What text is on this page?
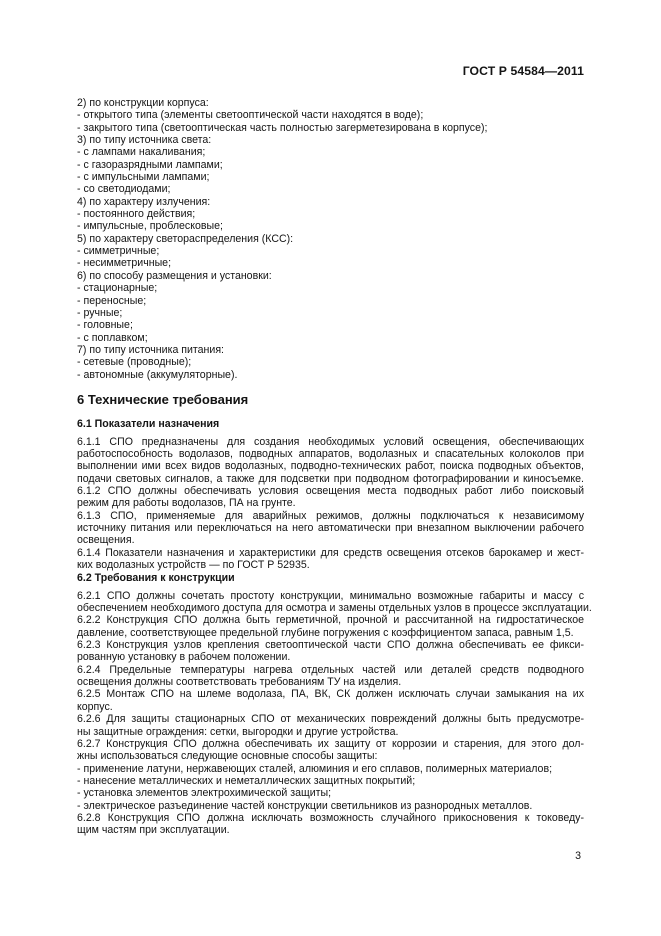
ГОСТ Р 54584—2011
2) по конструкции корпуса:
- открытого типа (элементы светооптической части находятся в воде);
- закрытого типа (светооптическая часть полностью загерметезирована в корпусе);
3) по типу источника света:
- с лампами накаливания;
- с газоразрядными лампами;
- с импульсными лампами;
- со светодиодами;
4) по характеру излучения:
- постоянного действия;
- импульсные, проблесковые;
5) по характеру светораспределения (КСС):
- симметричные;
- несимметричные;
6) по способу размещения и установки:
- стационарные;
- переносные;
- ручные;
- головные;
- с поплавком;
7) по типу источника питания:
- сетевые (проводные);
- автономные (аккумуляторные).
6 Технические требования
6.1 Показатели назначения
6.1.1 СПО предназначены для создания необходимых условий освещения, обеспечивающих
работоспособность водолазов, подводных аппаратов, водолазных и спасательных колоколов при
выполнении ими всех видов водолазных, подводно-технических работ, поиска подводных объектов,
подачи световых сигналов, а также для подсветки при подводном фотографировании и киносъемке.
6.1.2 СПО должны обеспечивать условия освещения места подводных работ либо поисковый
режим для работы водолазов, ПА на грунте.
6.1.3 СПО, применяемые для аварийных режимов, должны подключаться к независимому
источнику питания или переключаться на него автоматически при внезапном выключении рабочего
освещения.
6.1.4 Показатели назначения и характеристики для средств освещения отсеков барокамер и жест-
ких водолазных устройств — по ГОСТ Р 52935.
6.2 Требования к конструкции
6.2.1 СПО должны сочетать простоту конструкции, минимально возможные габариты и массу с
обеспечением необходимого доступа для осмотра и замены отдельных узлов в процессе эксплуатации.
6.2.2 Конструкция СПО должна быть герметичной, прочной и рассчитанной на гидростатическое
давление, соответствующее предельной глубине погружения с коэффициентом запаса, равным 1,5.
6.2.3 Конструкция узлов крепления светооптической части СПО должна обеспечивать ее фикси-
рованную установку в рабочем положении.
6.2.4 Предельные температуры нагрева отдельных частей или деталей средств подводного
освещения должны соответствовать требованиям ТУ на изделия.
6.2.5 Монтаж СПО на шлеме водолаза, ПА, ВК, СК должен исключать случаи замыкания на их
корпус.
6.2.6 Для защиты стационарных СПО от механических повреждений должны быть предусмотре-
ны защитные ограждения: сетки, выгородки и другие устройства.
6.2.7 Конструкция СПО должна обеспечивать их защиту от коррозии и старения, для этого дол-
жны использоваться следующие основные способы защиты:
- применение латуни, нержавеющих сталей, алюминия и его сплавов, полимерных материалов;
- нанесение металлических и неметаллических защитных покрытий;
- установка элементов электрохимической защиты;
- электрическое разъединение частей конструкции светильников из разнородных металлов.
6.2.8 Конструкция СПО должна исключать возможность случайного прикосновения к токоведу-
щим частям при эксплуатации.
3
